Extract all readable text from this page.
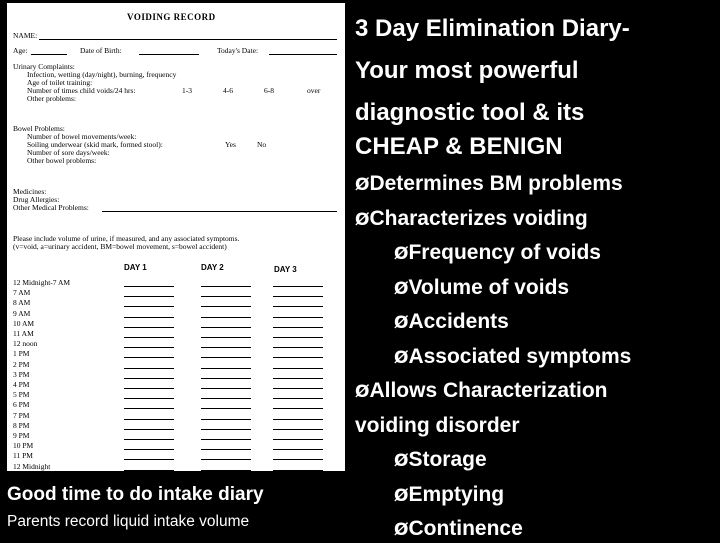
VOIDING RECORD
NAME:
Age:	Date of Birth:	Today's Date:
Urinary Complaints:
Infection, wetting (day/night), burning, frequency
Age of toilet training:
Number of times child voids/24 hrs:	1-3	4-6	6-8	over
Other problems:
Bowel Problems:
Number of bowel movements/week:
Soiling underwear (skid mark, formed stool):	Yes	No
Number of sore days/week:
Other bowel problems:
Medicines:
Drug Allergies:
Other Medical Problems:
Please include volume of urine, if measured, and any associated symptoms.
(v=void, a=urinary accident, BM=bowel movement, s=bowel accident)
DAY 1	DAY 2	DAY 3
12 Midnight-7 AM
7 AM
8 AM
9 AM
10 AM
11 AM
12 noon
1 PM
2 PM
3 PM
4 PM
5 PM
6 PM
7 PM
8 PM
9 PM
10 PM
11 PM
12 Midnight
Good time to do intake diary
Parents record liquid intake volume
3 Day Elimination Diary-
Your most powerful
diagnostic tool & its
CHEAP & BENIGN
ØDetermines BM problems
ØCharacterizes voiding
ØFrequency of voids
ØVolume of voids
ØAccidents
ØAssociated symptoms
ØAllows Characterization
voiding disorder
ØStorage
ØEmptying
ØContinence
